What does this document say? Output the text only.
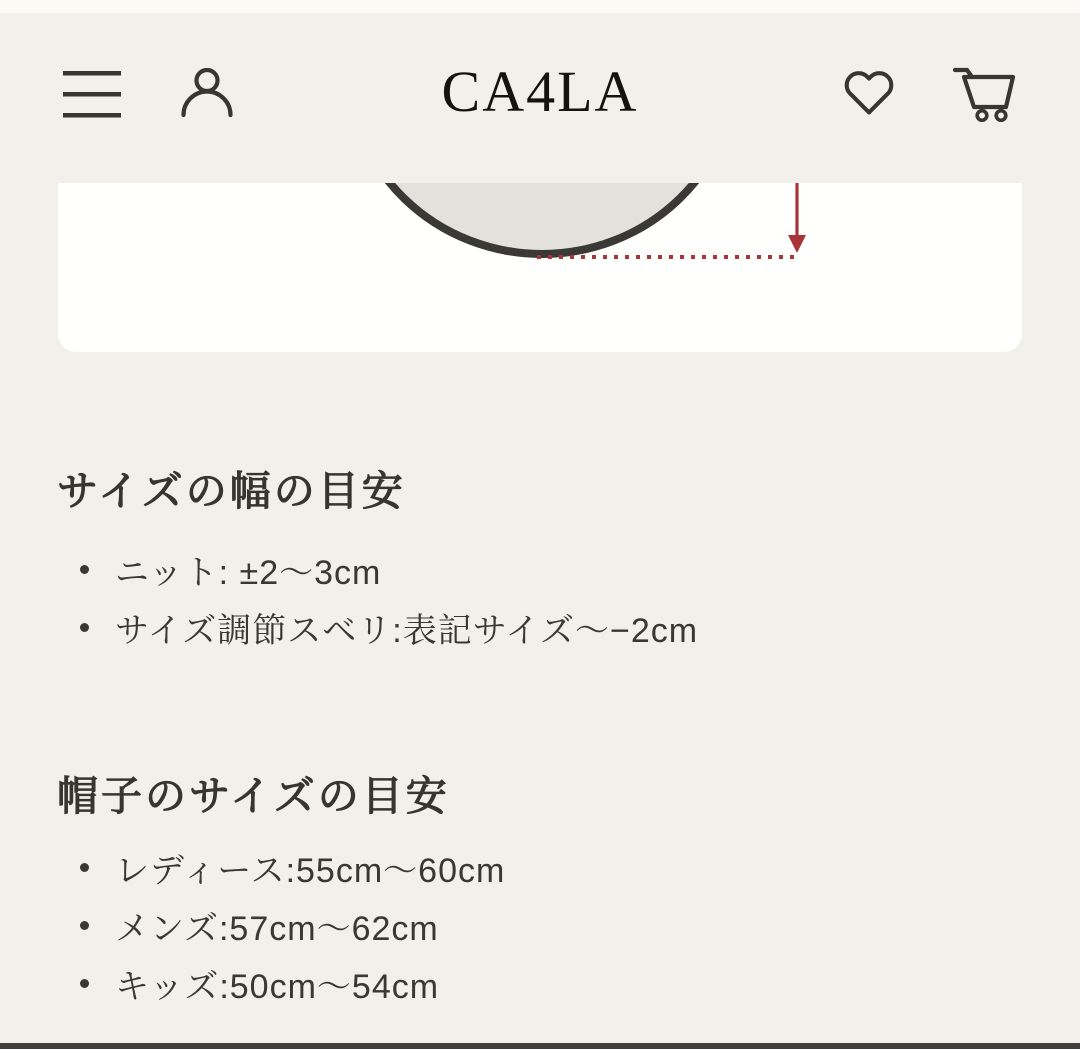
CA4LA
サイズの幅の目安
ニット: ±2〜3cm
サイズ調節スベリ:表記サイズ〜−2cm
帽子のサイズの目安
レディース:55cm〜60cm
メンズ:57cm〜62cm
キッズ:50cm〜54cm
